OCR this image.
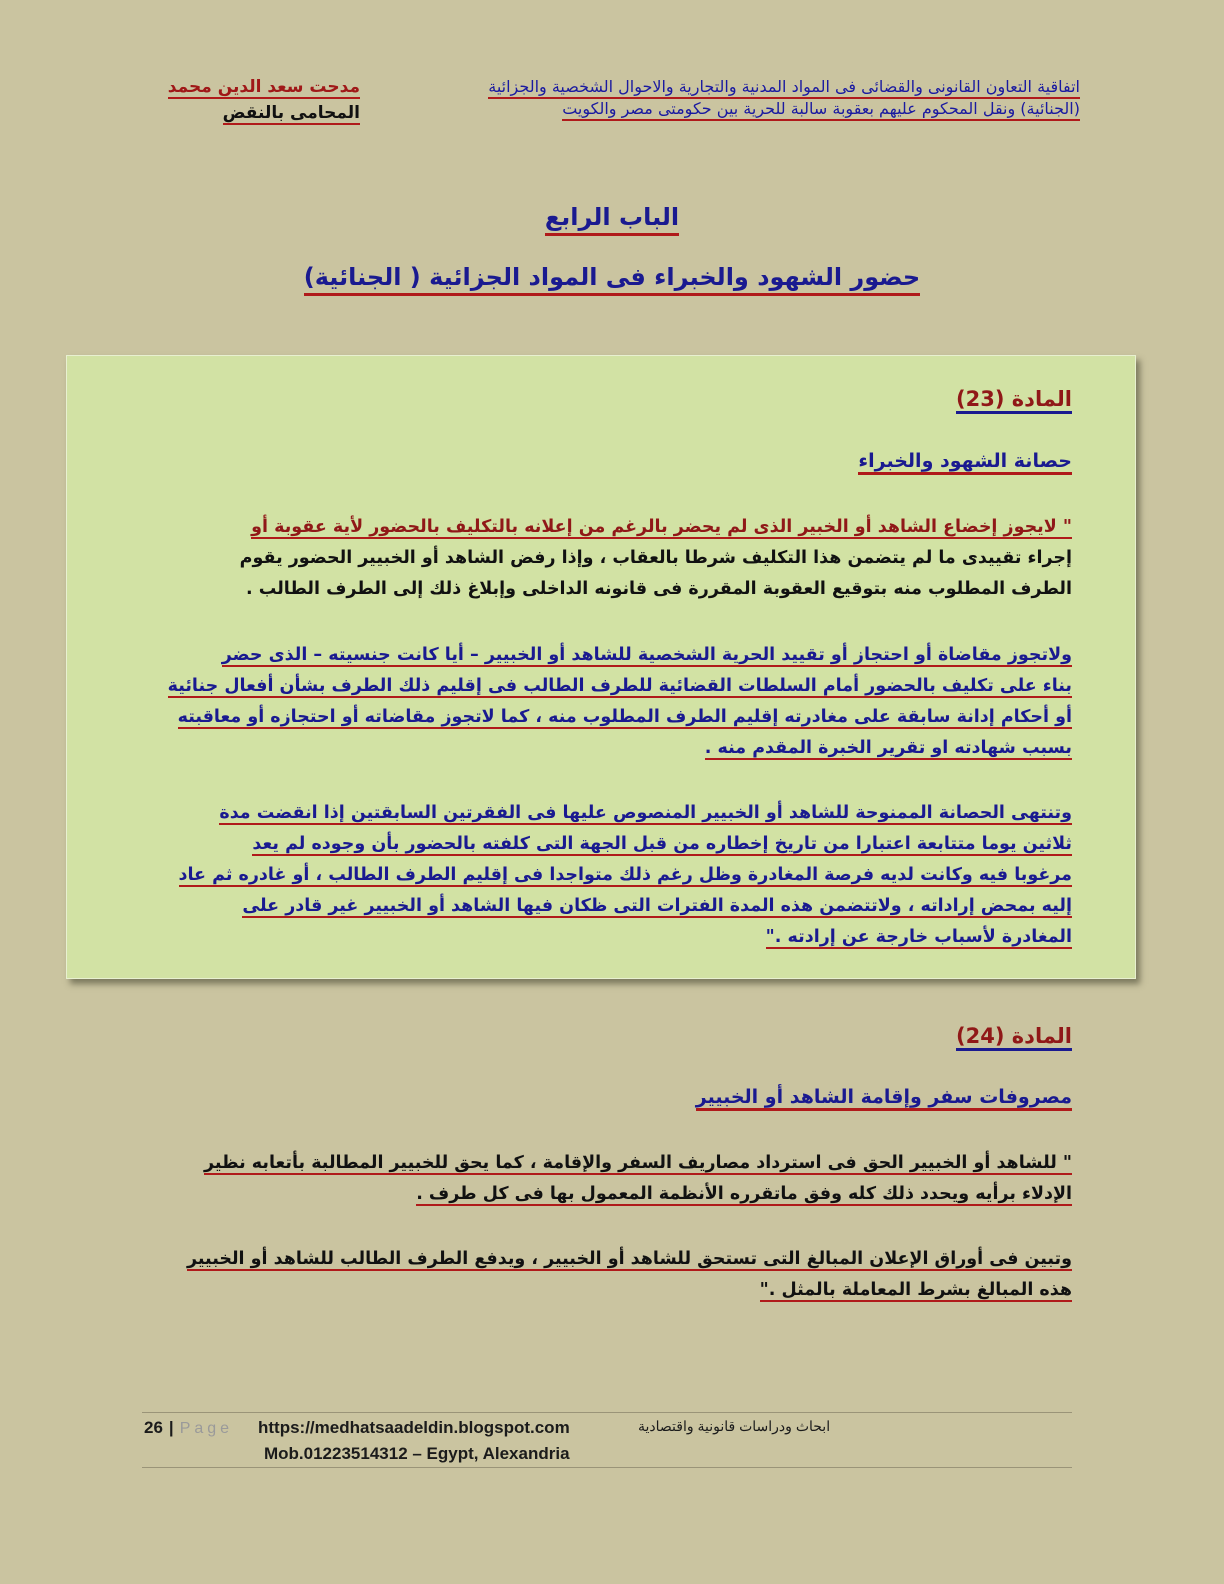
اتفاقية التعاون القانونى والقضائى فى المواد المدنية والتجارية والاحوال الشخصية والجزائية
(الجنائية) ونقل المحكوم عليهم بعقوبة سالبة للحرية بين حكومتى مصر والكويت
مدحت سعد الدين محمد
المحامى بالنقض
الباب الرابع
حضور الشهود والخبراء فى المواد الجزائية ( الجنائية)
المادة (23)
حصانة الشهود والخبراء
" لايجوز إخضاع الشاهد أو الخبير الذى لم يحضر بالرغم من إعلانه بالتكليف بالحضور لأية عقوبة أو
إجراء تقييدى ما لم يتضمن هذا التكليف شرطا بالعقاب ، وإذا رفض الشاهد أو الخبيير الحضور يقوم
الطرف المطلوب منه بتوقيع العقوبة المقررة فى قانونه الداخلى وإبلاغ ذلك إلى الطرف الطالب .
ولاتجوز مقاضاة أو احتجاز أو تقييد الحرية الشخصية للشاهد أو الخبيير – أيا كانت جنسيته – الذى حضر
بناء على تكليف بالحضور أمام السلطات القضائية للطرف الطالب فى إقليم ذلك الطرف بشأن أفعال جنائية
أو أحكام إدانة سابقة على مغادرته إقليم الطرف المطلوب منه ، كما لاتجوز مقاضاته أو احتجازه أو معاقبته
بسبب شهادته او تقرير الخبرة المقدم منه .
وتنتهى الحصانة الممنوحة للشاهد أو الخبيير المنصوص عليها فى الفقرتين السابقتين إذا انقضت مدة
ثلاثين يوما متتابعة اعتبارا من تاريخ إخطاره من قبل الجهة التى كلفته بالحضور بأن وجوده لم يعد
مرغوبا فيه وكانت لديه فرصة المغادرة وظل رغم ذلك متواجدا فى إقليم الطرف الطالب ، أو غادره ثم عاد
إليه بمحض إراداته ، ولاتتضمن هذه المدة الفترات التى ظكان فيها الشاهد أو الخبيير غير قادر على
المغادرة لأسباب خارجة عن إرادته ."
المادة (24)
مصروفات سفر وإقامة الشاهد أو الخبيير
" للشاهد أو الخبيير الحق فى استرداد مصاريف السفر والإقامة ، كما يحق للخبيير المطالبة بأتعابه نظير
الإدلاء برأيه ويحدد ذلك كله وفق ماتقرره الأنظمة المعمول بها فى كل طرف .
وتبين فى أوراق الإعلان المبالغ التى تستحق للشاهد أو الخبيير ، ويدفع الطرف الطالب للشاهد أو الخبيير
هذه المبالغ بشرط المعاملة بالمثل ."
26 | Page https://medhatsaadeldin.blogspot.com	ابحاث ودراسات قانونية واقتصادية
Mob.01223514312 – Egypt, Alexandria
